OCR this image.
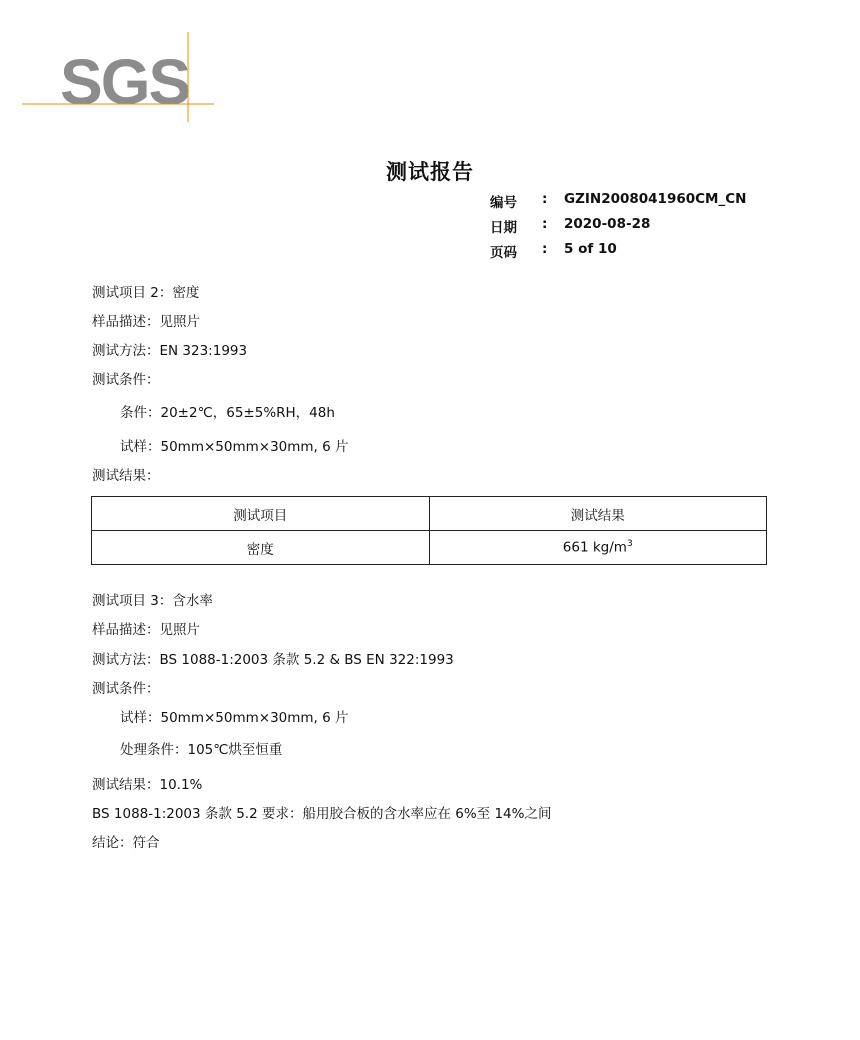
SGS
测试报告
编号 : GZIN2008041960CM_CN
日期 : 2020-08-28
页码 : 5 of 10
测试项目 2：密度
样品描述：见照片
测试方法：EN 323:1993
测试条件：
条件：20±2℃，65±5%RH，48h
试样：50mm×50mm×30mm, 6 片
测试结果：
测试项目	测试结果
密度	661 $kg/m^3$
测试项目 3：含水率
样品描述：见照片
测试方法：BS 1088-1:2003 条款 5.2 & BS EN 322:1993
测试条件：
试样：50mm×50mm×30mm, 6 片
处理条件：105℃烘至恒重
测试结果：10.1%
BS 1088-1:2003 条款 5.2 要求：船用胶合板的含水率应在 6%至 14%之间
结论：符合
